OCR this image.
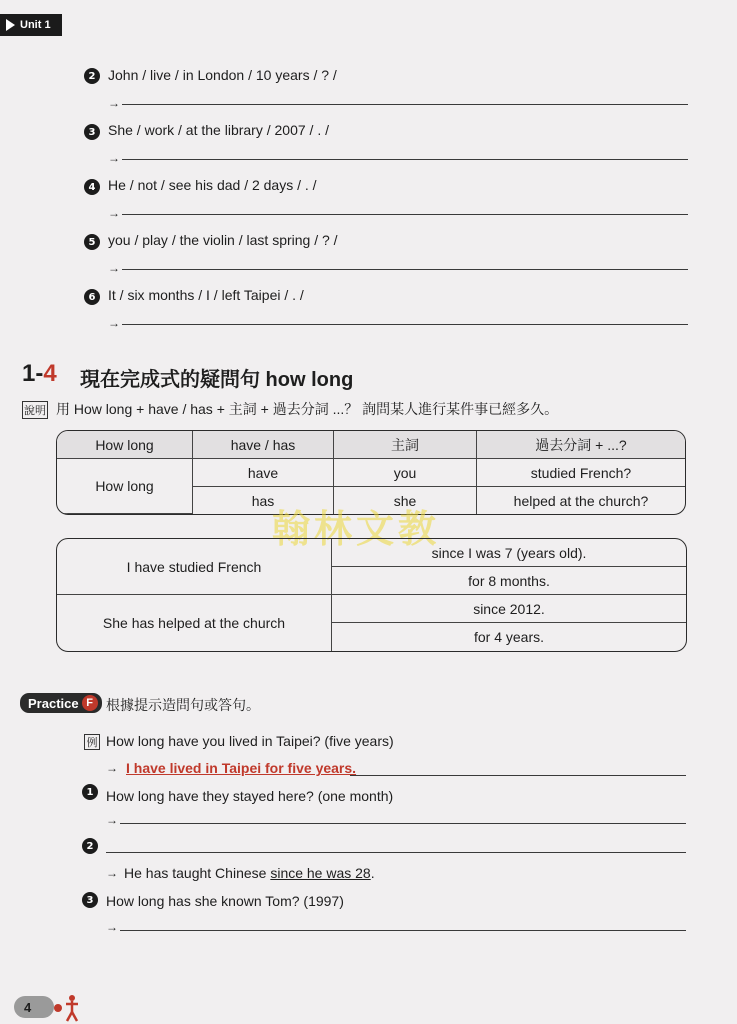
Unit 1
2 John / live / in London / 10 years / ? /
→
3 She / work / at the library / 2007 / . /
→
4 He / not / see his dad / 2 days / . /
→
5 you / play / the violin / last spring / ? /
→
6 It / six months / I / left Taipei / . /
→
1-4 現在完成式的疑問句 how long
說明 用 How long + have / has + 主詞 + 過去分詞 ...？ 詢問某人進行某件事已經多久。
How long	have / has	主詞	過去分詞 + ...?
How long	have	you	studied French?
	has	she	helped at the church?
翰林文教
I have studied French
since I was 7 (years old).
for 8 months.
She has helped at the church
since 2012.
for 4 years.
Practice F 根據提示造問句或答句。
例 How long have you lived in Taipei? (five years)
→ I have lived in Taipei for five years.
1 How long have they stayed here? (one month)
→
2
→ He has taught Chinese since he was 28.
3 How long has she known Tom? (1997)
→
4
